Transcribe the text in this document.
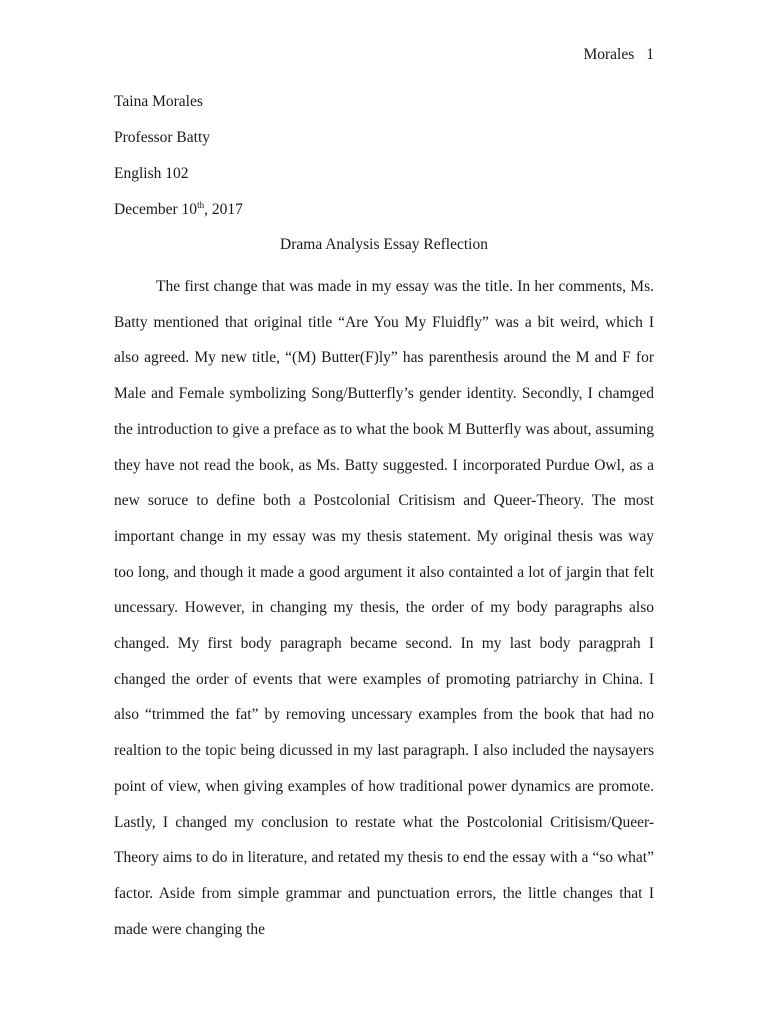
Morales 1
Taina Morales
Professor Batty
English 102
December 10th, 2017
Drama Analysis Essay Reflection

The first change that was made in my essay was the title. In her comments, Ms. Batty mentioned that original title “Are You My Fluidfly” was a bit weird, which I also agreed. My new title, “(M) Butter(F)ly” has parenthesis around the M and F for Male and Female symbolizing Song/Butterfly’s gender identity. Secondly, I chamged the introduction to give a preface as to what the book M Butterfly was about, assuming they have not read the book, as Ms. Batty suggested. I incorporated Purdue Owl, as a new soruce to define both a Postcolonial Critisism and Queer-Theory. The most important change in my essay was my thesis statement. My original thesis was way too long, and though it made a good argument it also containted a lot of jargin that felt uncessary. However, in changing my thesis, the order of my body paragraphs also changed. My first body paragraph became second. In my last body paragprah I changed the order of events that were examples of promoting patriarchy in China. I also “trimmed the fat” by removing uncessary examples from the book that had no realtion to the topic being dicussed in my last paragraph. I also included the naysayers point of view, when giving examples of how traditional power dynamics are promote. Lastly, I changed my conclusion to restate what the Postcolonial Critisism/Queer-Theory aims to do in literature, and retated my thesis to end the essay with a “so what” factor. Aside from simple grammar and punctuation errors, the little changes that I made were changing the
